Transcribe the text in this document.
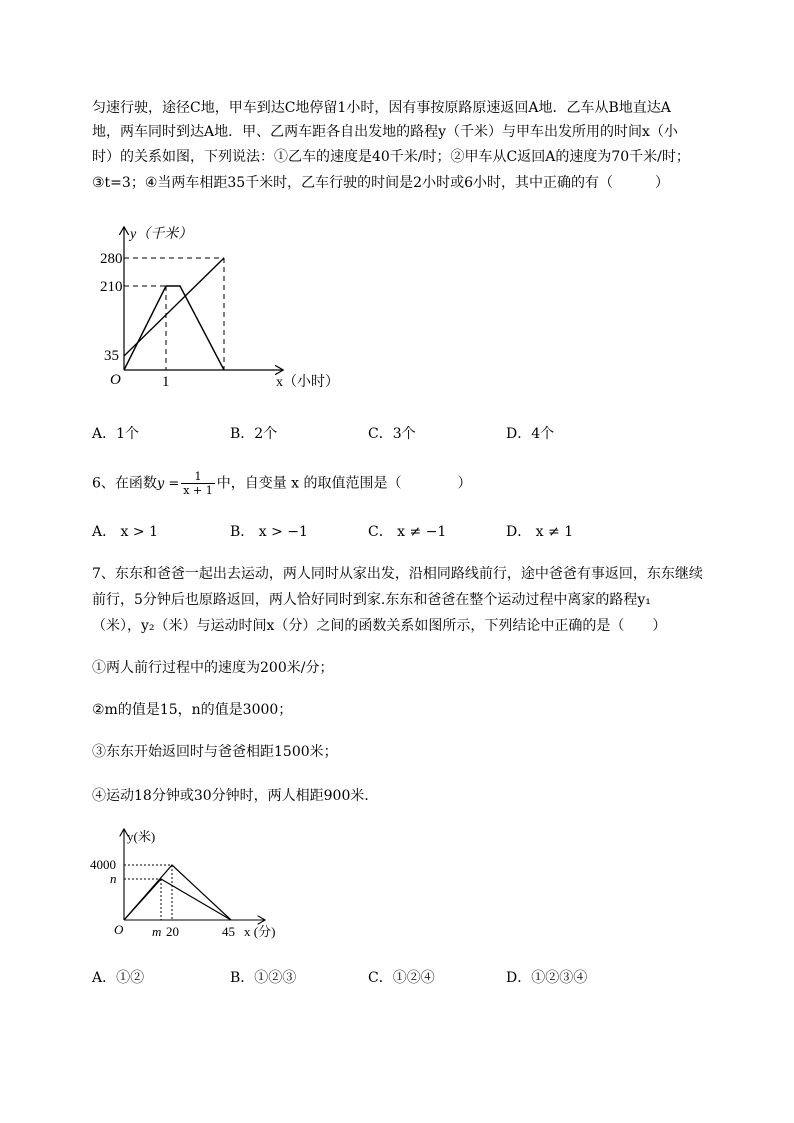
匀速行驶，途径C地，甲车到达C地停留1小时，因有事按原路原速返回A地．乙车从B地直达A
地，两车同时到达A地．甲、乙两车距各自出发地的路程y（千米）与甲车出发所用的时间x（小
时）的关系如图，下列说法：①乙车的速度是40千米/时；②甲车从C返回A的速度为70千米/时；
③t=3；④当两车相距35千米时，乙车行驶的时间是2小时或6小时，其中正确的有（　　　）
y（千米）
x（小时）
280
210
35
O	1
A．1个	B．2个	C．3个	D．4个
6、在函数$y = \frac{1}{x + 1}$ 中，自变量 x 的取值范围是（　　　　）
A． x > 1	B． x > −1	C． x ≠ −1	D． x ≠ 1
7、东东和爸爸一起出去运动，两人同时从家出发，沿相同路线前行，途中爸爸有事返回，东东继续
前行，5分钟后也原路返回，两人恰好同时到家.东东和爸爸在整个运动过程中离家的路程y₁
（米），y₂（米）与运动时间x（分）之间的函数关系如图所示，下列结论中正确的是（　　）
①两人前行过程中的速度为200米/分；
②m的值是15，n的值是3000；
③东东开始返回时与爸爸相距1500米；
④运动18分钟或30分钟时，两人相距900米．
y(米)
x (分)
4000
n
O m 20	45
A．①②	B．①②③	C．①②④	D．①②③④
